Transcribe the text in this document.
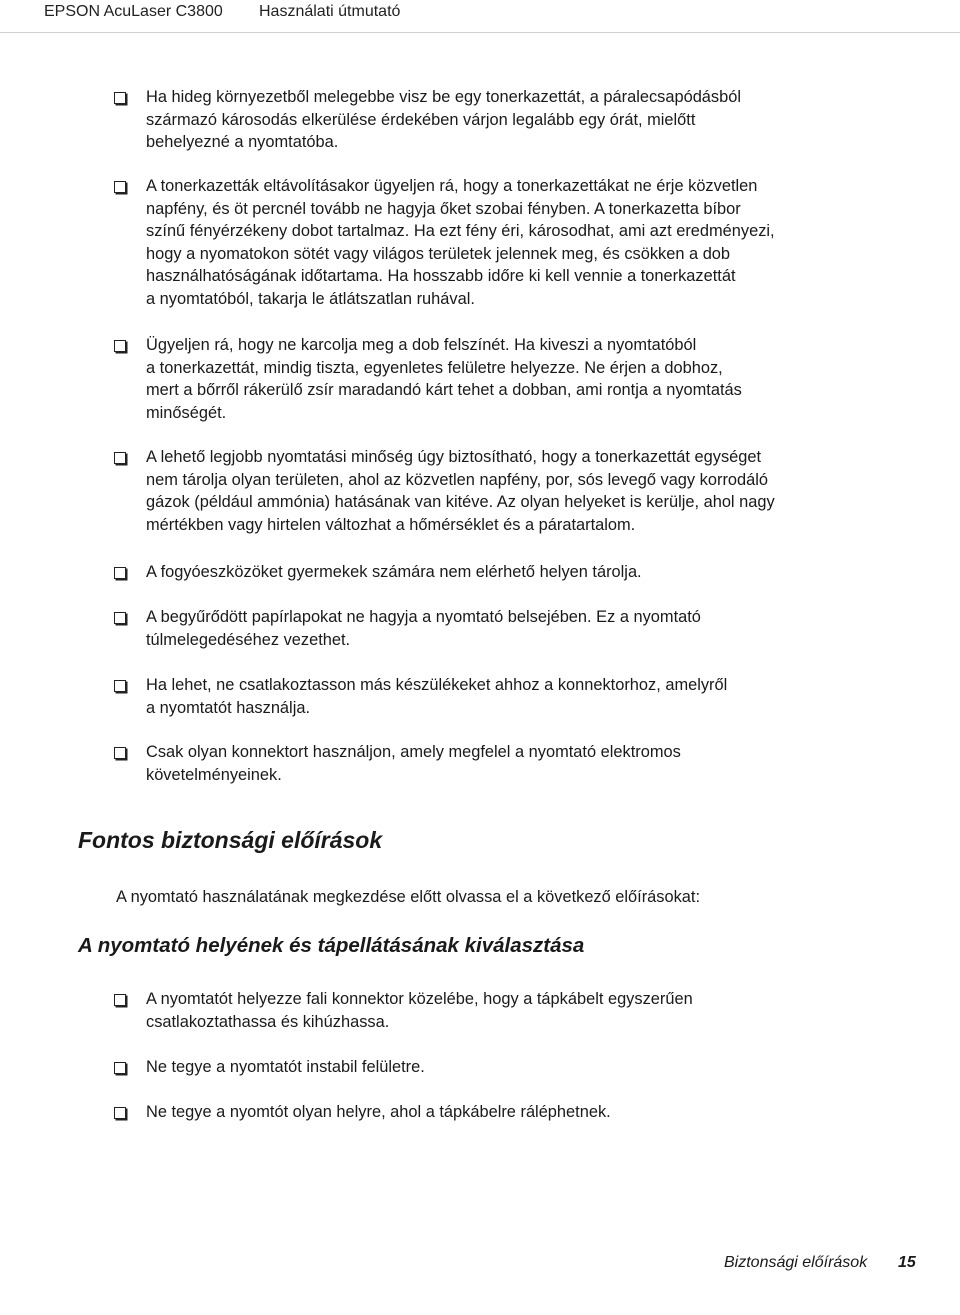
EPSON AcuLaser C3800 Használati útmutató
Ha hideg környezetből melegebbe visz be egy tonerkazettát, a páralecsapódásból
származó károsodás elkerülése érdekében várjon legalább egy órát, mielőtt
behelyezné a nyomtatóba.
A tonerkazetták eltávolításakor ügyeljen rá, hogy a tonerkazettákat ne érje közvetlen
napfény, és öt percnél tovább ne hagyja őket szobai fényben. A tonerkazetta bíbor
színű fényérzékeny dobot tartalmaz. Ha ezt fény éri, károsodhat, ami azt eredményezi,
hogy a nyomatokon sötét vagy világos területek jelennek meg, és csökken a dob
használhatóságának időtartama. Ha hosszabb időre ki kell vennie a tonerkazettát
a nyomtatóból, takarja le átlátszatlan ruhával.
Ügyeljen rá, hogy ne karcolja meg a dob felszínét. Ha kiveszi a nyomtatóból
a tonerkazettát, mindig tiszta, egyenletes felületre helyezze. Ne érjen a dobhoz,
mert a bőrről rákerülő zsír maradandó kárt tehet a dobban, ami rontja a nyomtatás
minőségét.
A lehető legjobb nyomtatási minőség úgy biztosítható, hogy a tonerkazettát egységet
nem tárolja olyan területen, ahol az közvetlen napfény, por, sós levegő vagy korrodáló
gázok (például ammónia) hatásának van kitéve. Az olyan helyeket is kerülje, ahol nagy
mértékben vagy hirtelen változhat a hőmérséklet és a páratartalom.
A fogyóeszközöket gyermekek számára nem elérhető helyen tárolja.
A begyűrődött papírlapokat ne hagyja a nyomtató belsejében. Ez a nyomtató
túlmelegedéséhez vezethet.
Ha lehet, ne csatlakoztasson más készülékeket ahhoz a konnektorhoz, amelyről
a nyomtatót használja.
Csak olyan konnektort használjon, amely megfelel a nyomtató elektromos
követelményeinek.
Fontos biztonsági előírások

A nyomtató használatának megkezdése előtt olvassa el a következő előírásokat:

A nyomtató helyének és tápellátásának kiválasztása
A nyomtatót helyezze fali konnektor közelébe, hogy a tápkábelt egyszerűen
csatlakoztathassa és kihúzhassa.
Ne tegye a nyomtatót instabil felületre.
Ne tegye a nyomtót olyan helyre, ahol a tápkábelre ráléphetnek.
Biztonsági előírások 15
